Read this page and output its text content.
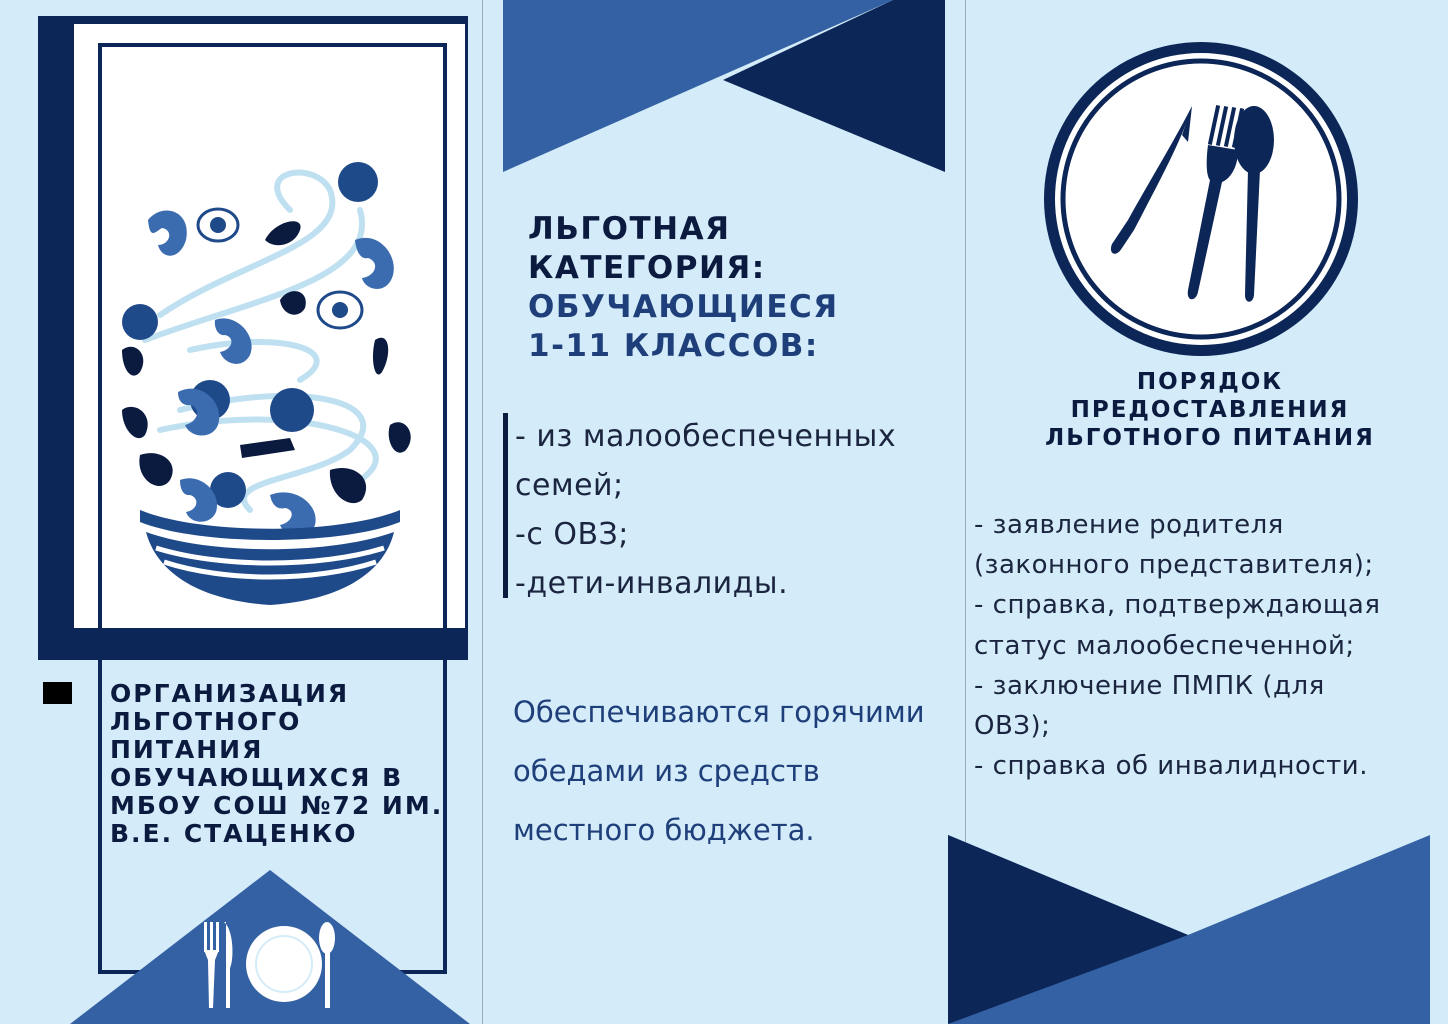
ОРГАНИЗАЦИЯ ЛЬГОТНОГО ПИТАНИЯ ОБУЧАЮЩИХСЯ В МБОУ СОШ №72 ИМ. В.Е. СТАЦЕНКО
ЛЬГОТНАЯ
КАТЕГОРИЯ:
ОБУЧАЮЩИЕСЯ
1-11 КЛАССОВ:
- из малообеспеченных
семей;
-с ОВЗ;
-дети-инвалиды.
Обеспечиваются горячими обедами из средств местного бюджета.
ПОРЯДОК ПРЕДОСТАВЛЕНИЯ ЛЬГОТНОГО ПИТАНИЯ
- заявление родителя
(законного представителя);
- справка, подтверждающая
статус малообеспеченной;
- заключение ПМПК (для
ОВЗ);
- справка об инвалидности.
